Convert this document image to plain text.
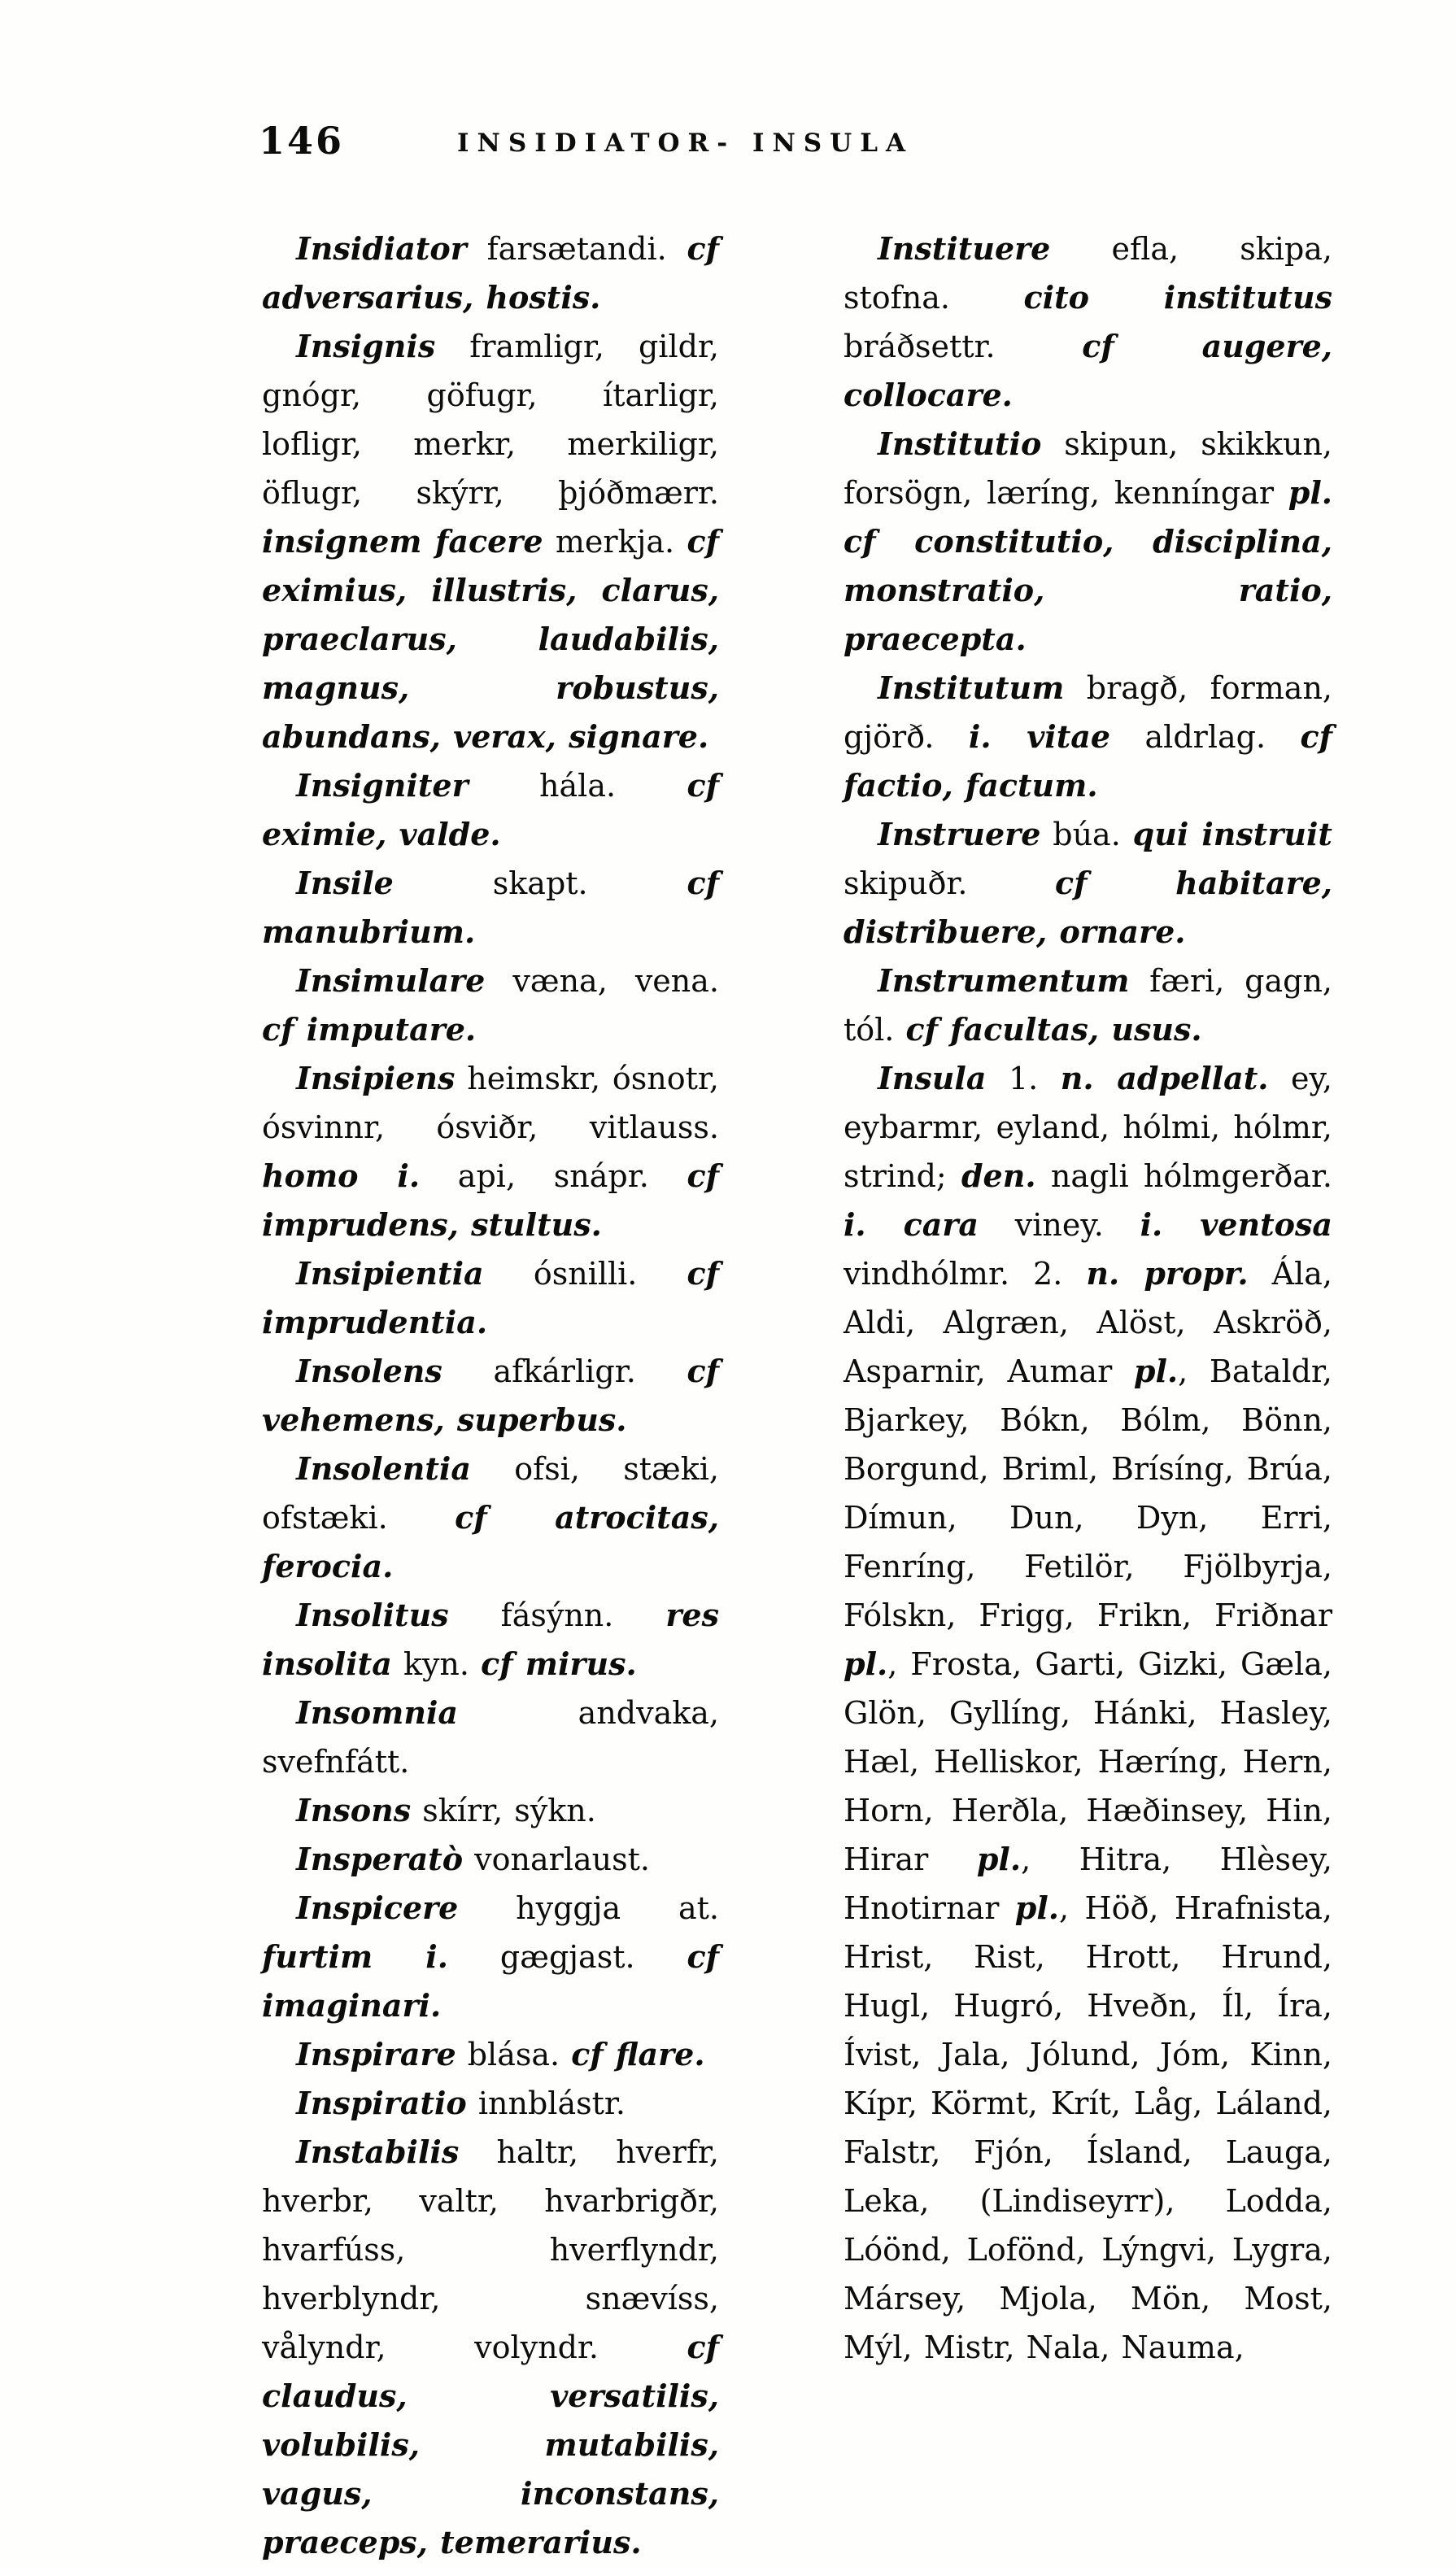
146	INSIDIATOR- INSULA

Insidiator farsætandi. cf adversarius, hostis.

Insignis framligr, gildr, gnógr, göfugr, ítarligr, lofligr, merkr, merkiligr, öflugr, skýrr, þjóðmærr. insignem facere merkja. cf eximius, illustris, clarus, praeclarus, laudabilis, magnus, robustus, abundans, verax, signare.

Insigniter hála. cf eximie, valde.

Insile skapt. cf manubrium.

Insimulare væna, vena. cf imputare.

Insipiens heimskr, ósnotr, ósvinnr, ósviðr, vitlauss. homo i. api, snápr. cf imprudens, stultus.

Insipientia ósnilli. cf imprudentia.

Insolens afkárligr. cf vehemens, superbus.

Insolentia ofsi, stæki, ofstæki. cf atrocitas, ferocia.

Insolitus fásýnn. res insolita kyn. cf mirus.

Insomnia andvaka, svefnfátt.

Insons skírr, sýkn.

Insperatò vonarlaust.

Inspicere hyggja at. furtim i. gægjast. cf imaginari.

Inspirare blása. cf flare.

Inspiratio innblástr.

Instabilis haltr, hverfr, hverbr, valtr, hvarbrigðr, hvarfúss, hverflyndr, hverblyndr, snævíss, vålyndr, volyndr. cf claudus, versatilis, volubilis, mutabilis, vagus, inconstans, praeceps, temerarius.

Instituere efla, skipa, stofna. cito institutus bráðsettr. cf augere, collocare.

Institutio skipun, skikkun, forsögn, læríng, kenníngar pl. cf constitutio, disciplina, monstratio, ratio, praecepta.

Institutum bragð, forman, gjörð. i. vitae aldrlag. cf factio, factum.

Instruere búa. qui instruit skipuðr. cf habitare, distribuere, ornare.

Instrumentum færi, gagn, tól. cf facultas, usus.

Insula 1. n. adpellat. ey, eybarmr, eyland, hólmi, hólmr, strind; den. nagli hólmgerðar. i. cara viney. i. ventosa vindhólmr. 2. n. propr. Ála, Aldi, Algræn, Alöst, Askröð, Asparnir, Aumar pl., Bataldr, Bjarkey, Bókn, Bólm, Bönn, Borgund, Briml, Brísíng, Brúa, Dímun, Dun, Dyn, Erri, Fenríng, Fetilör, Fjölbyrja, Fólskn, Frigg, Frikn, Friðnar pl., Frosta, Garti, Gizki, Gæla, Glön, Gyllíng, Hánki, Hasley, Hæl, Helliskor, Hæríng, Hern, Horn, Herðla, Hæðinsey, Hin, Hirar pl., Hitra, Hlèsey, Hnotirnar pl., Höð, Hrafnista, Hrist, Rist, Hrott, Hrund, Hugl, Hugró, Hveðn, Íl, Íra, Ívist, Jala, Jólund, Jóm, Kinn, Kípr, Körmt, Krít, Låg, Láland, Falstr, Fjón, Ísland, Lauga, Leka, (Lindiseyrr), Lodda, Lóönd, Lofönd, Lýngvi, Lygra, Mársey, Mjola, Mön, Most, Mýl, Mistr, Nala, Nauma,
